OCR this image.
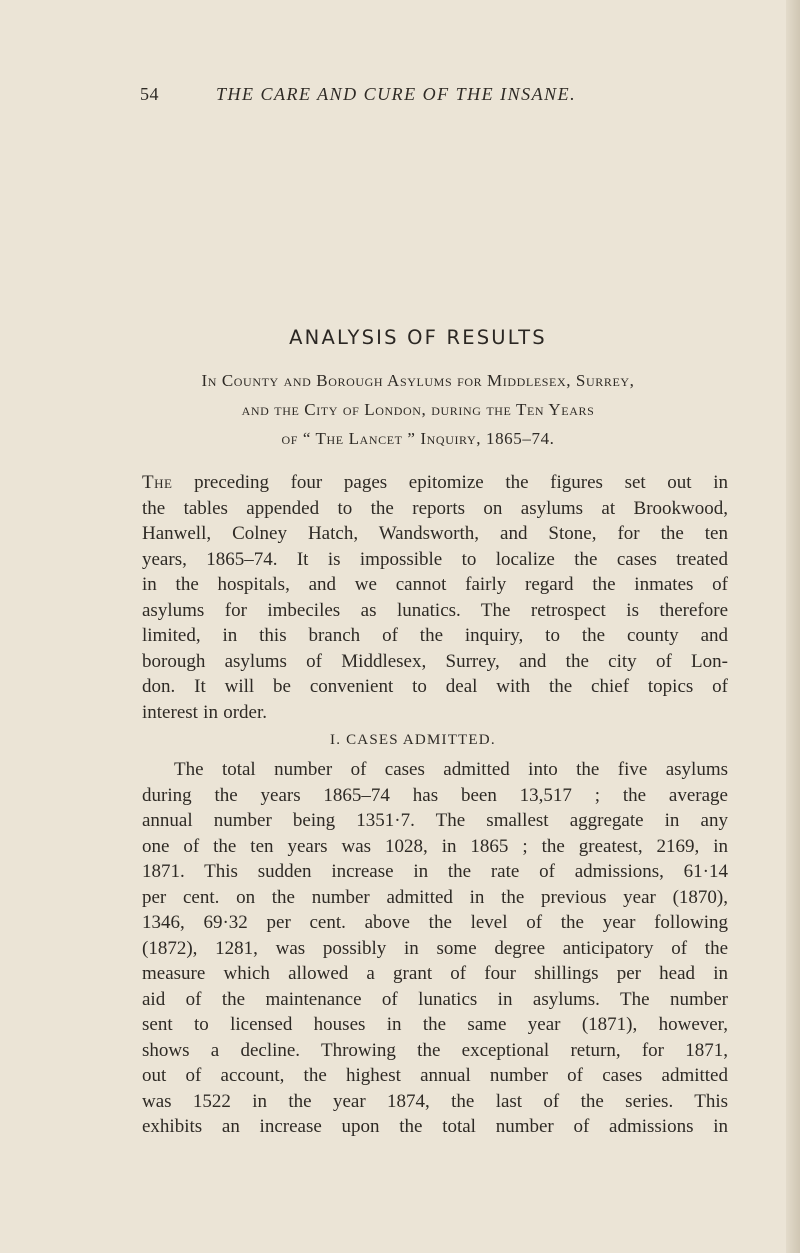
54	THE CARE AND CURE OF THE INSANE.
ANALYSIS OF RESULTS
In County and Borough Asylums for Middlesex, Surrey,
and the City of London, during the Ten Years
of “ The Lancet ” Inquiry, 1865–74.
The preceding four pages epitomize the figures set out in
the tables appended to the reports on asylums at Brookwood,
Hanwell, Colney Hatch, Wandsworth, and Stone, for the ten
years, 1865–74. It is impossible to localize the cases treated
in the hospitals, and we cannot fairly regard the inmates of
asylums for imbeciles as lunatics. The retrospect is therefore
limited, in this branch of the inquiry, to the county and
borough asylums of Middlesex, Surrey, and the city of Lon-
don. It will be convenient to deal with the chief topics of
interest in order.
I. CASES ADMITTED.
The total number of cases admitted into the five asylums
during the years 1865–74 has been 13,517 ; the average
annual number being 1351·7. The smallest aggregate in any
one of the ten years was 1028, in 1865 ; the greatest, 2169, in
1871. This sudden increase in the rate of admissions, 61·14
per cent. on the number admitted in the previous year (1870),
1346, 69·32 per cent. above the level of the year following
(1872), 1281, was possibly in some degree anticipatory of the
measure which allowed a grant of four shillings per head in
aid of the maintenance of lunatics in asylums. The number
sent to licensed houses in the same year (1871), however,
shows a decline. Throwing the exceptional return, for 1871,
out of account, the highest annual number of cases admitted
was 1522 in the year 1874, the last of the series. This
exhibits an increase upon the total number of admissions in
